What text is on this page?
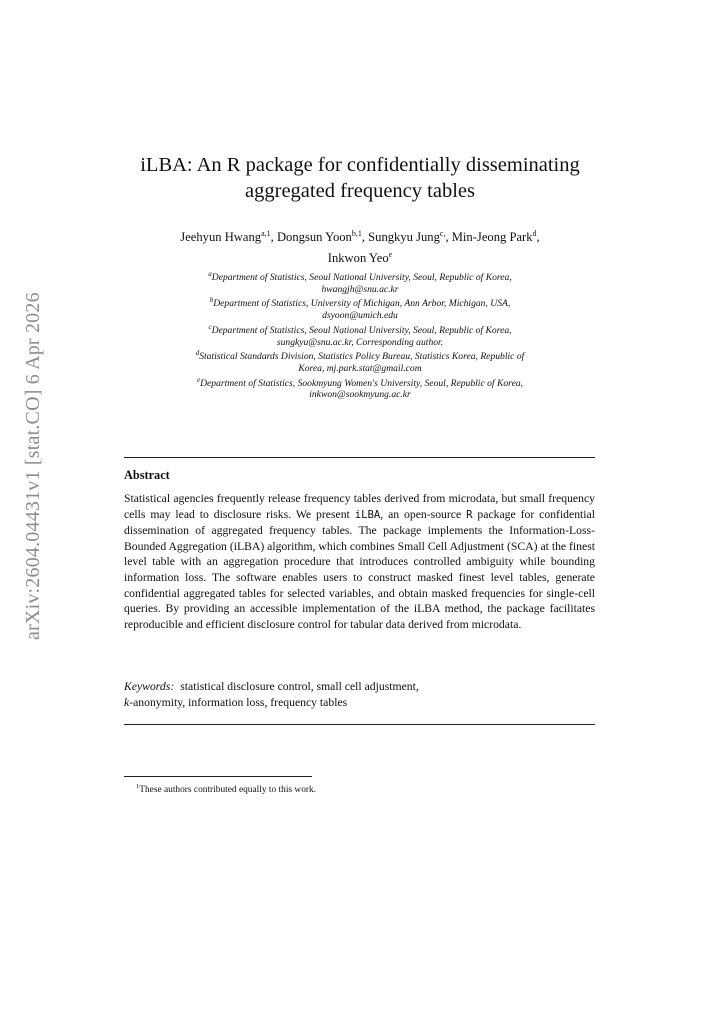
arXiv:2604.04431v1 [stat.CO] 6 Apr 2026
iLBA: An R package for confidentially disseminating
aggregated frequency tables
Jeehyun Hwang$^{a,1}$, Dongsun Yoon$^{b,1}$, Sungkyu Jung$^{c,}$, Min-Jeong Park$^d$,
Inkwon Yeo$^e$
$^a$Department of Statistics, Seoul National University, Seoul, Republic of Korea,
hwangjh@snu.ac.kr
$^b$Department of Statistics, University of Michigan, Ann Arbor, Michigan, USA,
dsyoon@umich.edu
$^c$Department of Statistics, Seoul National University, Seoul, Republic of Korea,
sungkyu@snu.ac.kr, Corresponding author.
$^d$Statistical Standards Division, Statistics Policy Bureau, Statistics Korea, Republic of
Korea, mj.park.stat@gmail.com
$^e$Department of Statistics, Sookmyung Women's University, Seoul, Republic of Korea,
inkwon@sookmyung.ac.kr
Abstract
Statistical agencies frequently release frequency tables derived from microdata, but small frequency cells may lead to disclosure risks. We present iLBA, an open-source R package for confidential dissemination of aggregated frequency tables. The package implements the Information-Loss-Bounded Aggregation (iLBA) algorithm, which combines Small Cell Adjustment (SCA) at the finest level table with an aggregation procedure that introduces controlled ambiguity while bounding information loss. The software enables users to construct masked finest level tables, generate confidential aggregated tables for selected variables, and obtain masked frequencies for single-cell queries. By providing an accessible implementation of the iLBA method, the package facilitates reproducible and efficient disclosure control for tabular data derived from microdata.
Keywords: statistical disclosure control, small cell adjustment,
k-anonymity, information loss, frequency tables
$^1$These authors contributed equally to this work.
